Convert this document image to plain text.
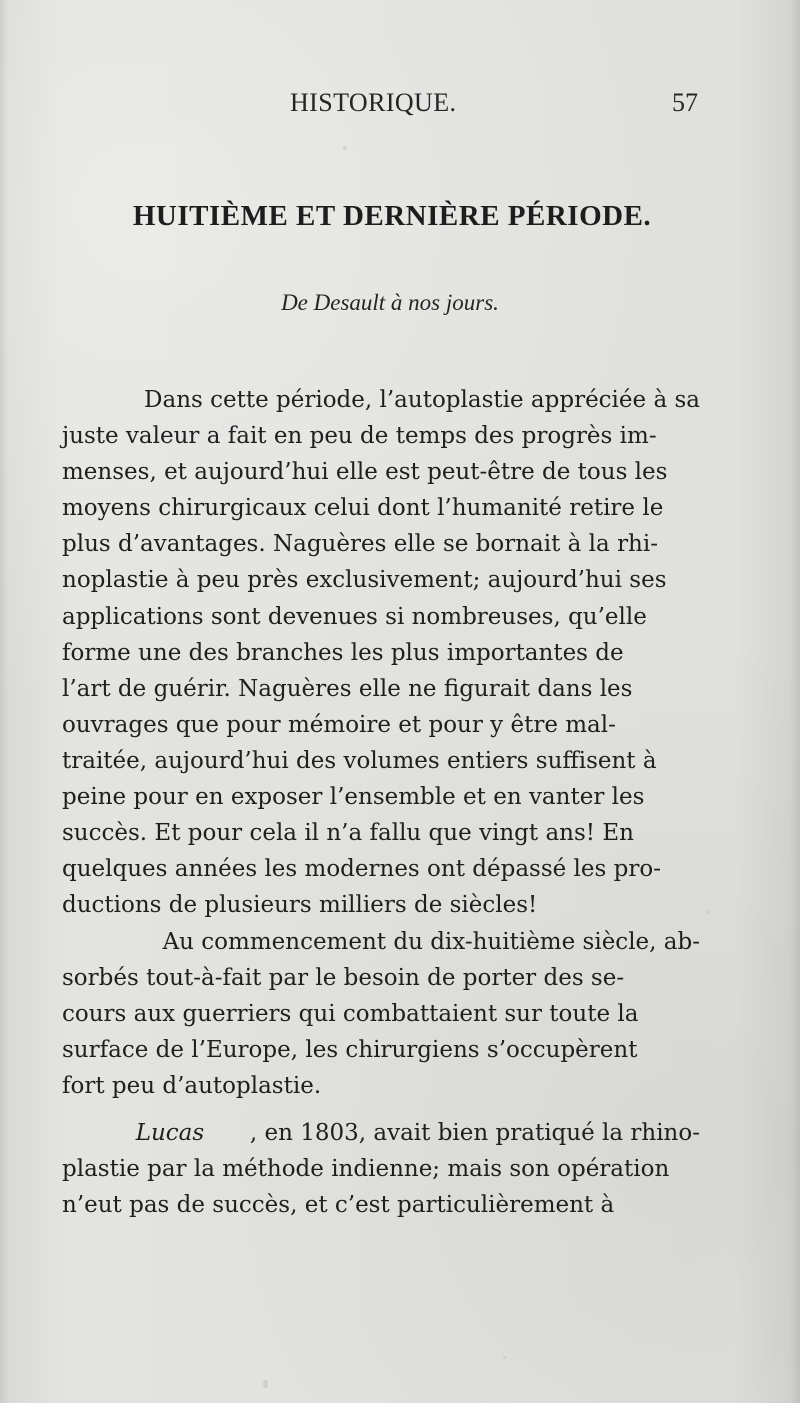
HISTORIQUE.	57
HUITIÈME ET DERNIÈRE PÉRIODE.
De Desault à nos jours.
Dans cette période, l’autoplastie appréciée à sa
juste valeur a fait en peu de temps des progrès im-
menses, et aujourd’hui elle est peut-être de tous les
moyens chirurgicaux celui dont l’humanité retire le
plus d’avantages. Naguères elle se bornait à la rhi-
noplastie à peu près exclusivement; aujourd’hui ses
applications sont devenues si nombreuses, qu’elle
forme une des branches les plus importantes de
l’art de guérir. Naguères elle ne figurait dans les
ouvrages que pour mémoire et pour y être mal-
traitée, aujourd’hui des volumes entiers suffisent à
peine pour en exposer l’ensemble et en vanter les
succès. Et pour cela il n’a fallu que vingt ans! En
quelques années les modernes ont dépassé les pro-
ductions de plusieurs milliers de siècles!
Au commencement du dix-huitième siècle, ab-
sorbés tout-à-fait par le besoin de porter des se-
cours aux guerriers qui combattaient sur toute la
surface de l’Europe, les chirurgiens s’occupèrent
fort peu d’autoplastie.
Lucas , en 1803, avait bien pratiqué la rhino-
plastie par la méthode indienne; mais son opération
n’eut pas de succès, et c’est particulièrement à
